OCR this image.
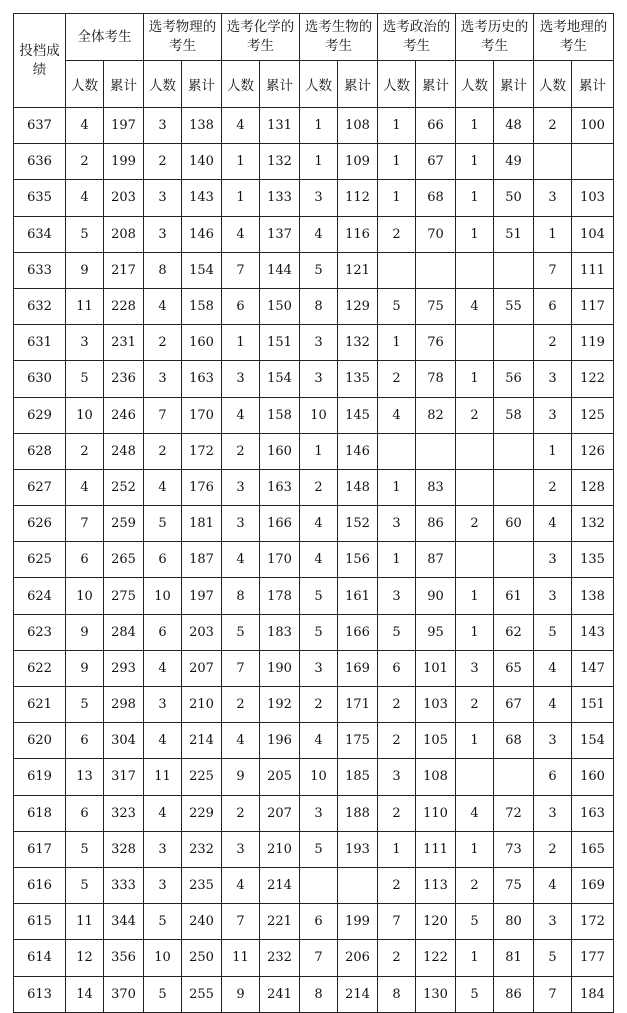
投档成绩	全体考生		选考物理的考生		选考化学的考生		选考生物的考生		选考政治的考生		选考历史的考生		选考地理的考生	
	人数	累计	人数	累计	人数	累计	人数	累计	人数	累计	人数	累计	人数	累计
637	4	197	3	138	4	131	1	108	1	66	1	48	2	100
636	2	199	2	140	1	132	1	109	1	67	1	49		
635	4	203	3	143	1	133	3	112	1	68	1	50	3	103
634	5	208	3	146	4	137	4	116	2	70	1	51	1	104
633	9	217	8	154	7	144	5	121					7	111
632	11	228	4	158	6	150	8	129	5	75	4	55	6	117
631	3	231	2	160	1	151	3	132	1	76			2	119
630	5	236	3	163	3	154	3	135	2	78	1	56	3	122
629	10	246	7	170	4	158	10	145	4	82	2	58	3	125
628	2	248	2	172	2	160	1	146					1	126
627	4	252	4	176	3	163	2	148	1	83			2	128
626	7	259	5	181	3	166	4	152	3	86	2	60	4	132
625	6	265	6	187	4	170	4	156	1	87			3	135
624	10	275	10	197	8	178	5	161	3	90	1	61	3	138
623	9	284	6	203	5	183	5	166	5	95	1	62	5	143
622	9	293	4	207	7	190	3	169	6	101	3	65	4	147
621	5	298	3	210	2	192	2	171	2	103	2	67	4	151
620	6	304	4	214	4	196	4	175	2	105	1	68	3	154
619	13	317	11	225	9	205	10	185	3	108			6	160
618	6	323	4	229	2	207	3	188	2	110	4	72	3	163
617	5	328	3	232	3	210	5	193	1	111	1	73	2	165
616	5	333	3	235	4	214			2	113	2	75	4	169
615	11	344	5	240	7	221	6	199	7	120	5	80	3	172
614	12	356	10	250	11	232	7	206	2	122	1	81	5	177
613	14	370	5	255	9	241	8	214	8	130	5	86	7	184
